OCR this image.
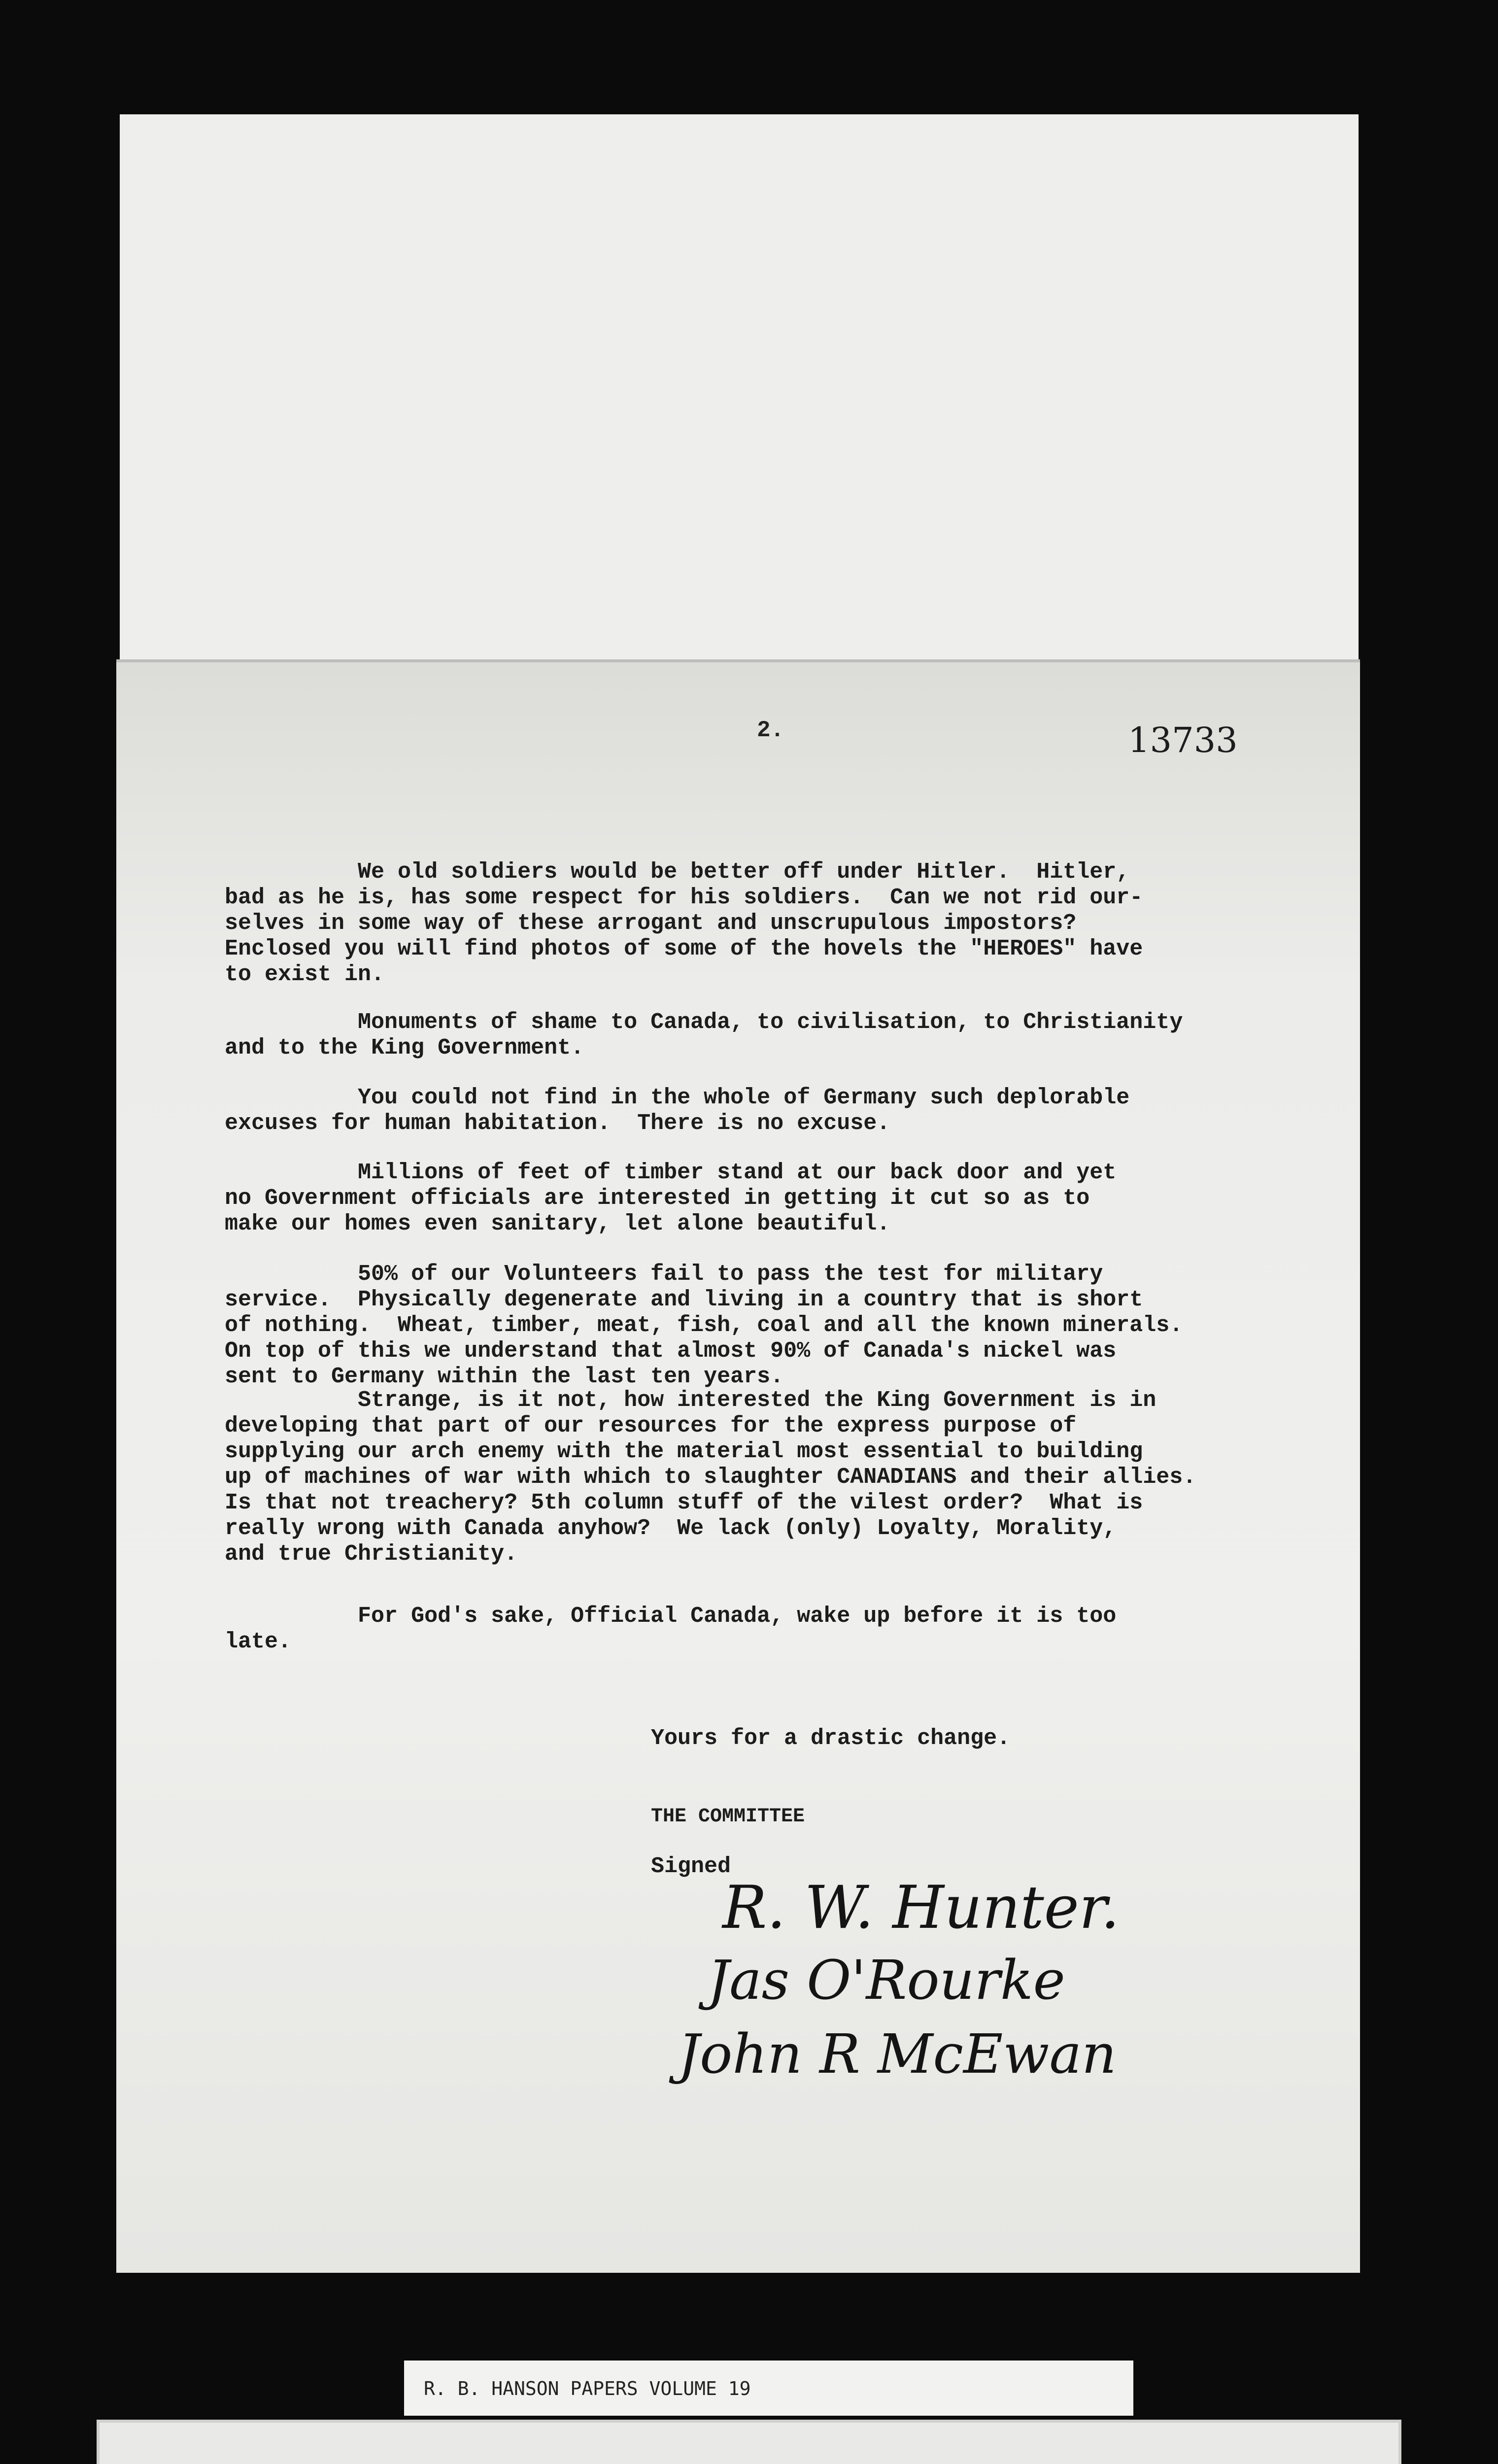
2.	13733

We old soldiers would be better off under Hitler.  Hitler,
bad as he is, has some respect for his soldiers.  Can we not rid our-
selves in some way of these arrogant and unscrupulous impostors?
Enclosed you will find photos of some of the hovels the "HEROES" have
to exist in.

Monuments of shame to Canada, to civilisation, to Christianity
and to the King Government.

You could not find in the whole of Germany such deplorable
excuses for human habitation.  There is no excuse.

Millions of feet of timber stand at our back door and yet
no Government officials are interested in getting it cut so as to
make our homes even sanitary, let alone beautiful.

50% of our Volunteers fail to pass the test for military
service.  Physically degenerate and living in a country that is short
of nothing.  Wheat, timber, meat, fish, coal and all the known minerals.
On top of this we understand that almost 90% of Canada's nickel was
sent to Germany within the last ten years.

Strange, is it not, how interested the King Government is in
developing that part of our resources for the express purpose of
supplying our arch enemy with the material most essential to building
up of machines of war with which to slaughter CANADIANS and their allies.
Is that not treachery? 5th column stuff of the vilest order?  What is
really wrong with Canada anyhow?  We lack (only) Loyalty, Morality,
and true Christianity.

For God's sake, Official Canada, wake up before it is too
late.

Yours for a drastic change.
THE COMMITTEE
Signed
R. W. Hunter.
Jas O'Rourke
John R McEwan
R. B. HANSON PAPERS VOLUME 19
